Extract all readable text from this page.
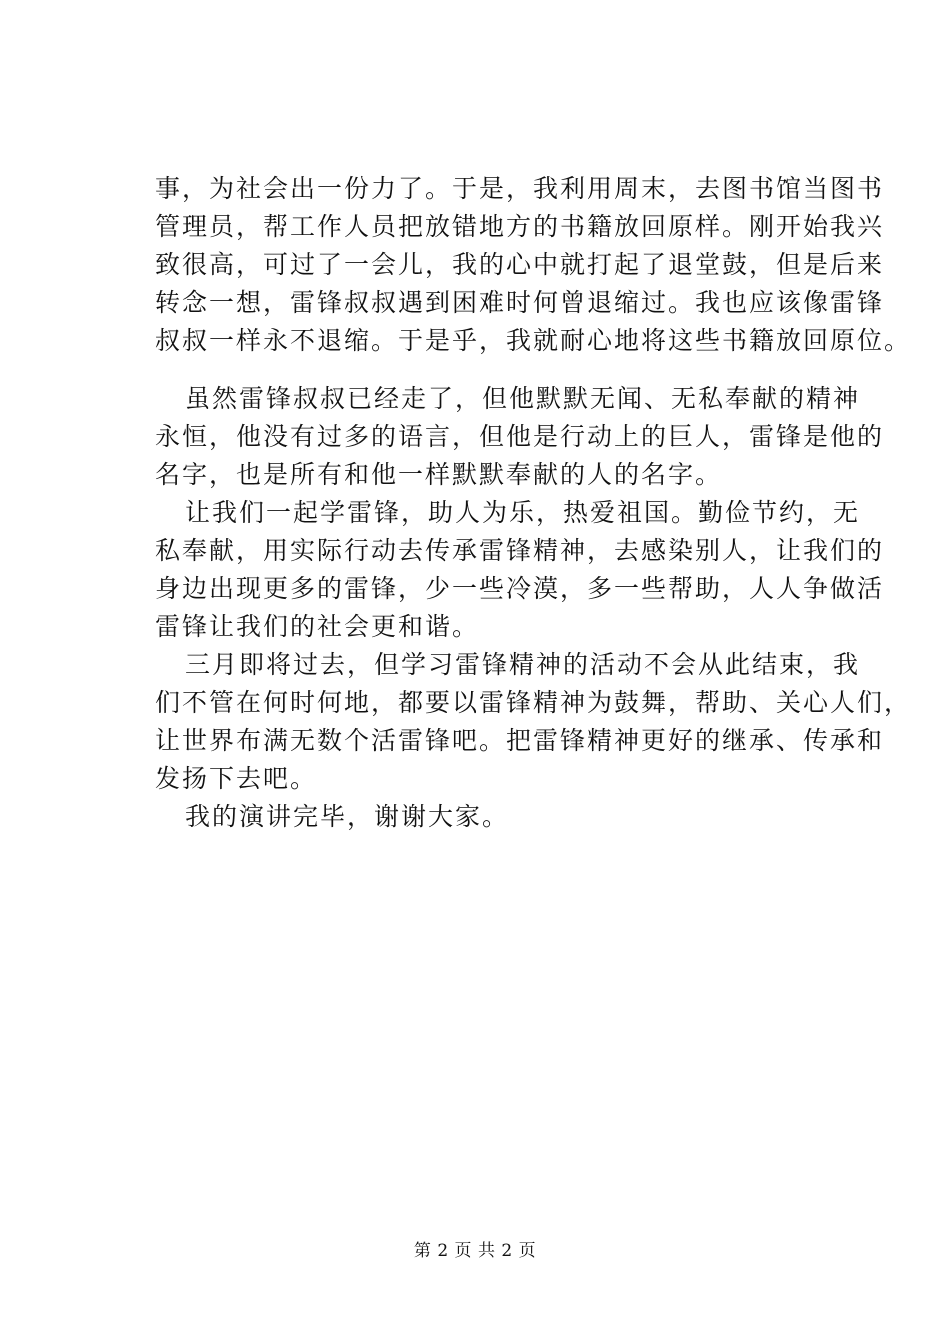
事，为社会出一份力了。于是，我利用周末，去图书馆当图书
管理员，帮工作人员把放错地方的书籍放回原样。刚开始我兴
致很高，可过了一会儿，我的心中就打起了退堂鼓，但是后来
转念一想，雷锋叔叔遇到困难时何曾退缩过。我也应该像雷锋
叔叔一样永不退缩。于是乎，我就耐心地将这些书籍放回原位。
虽然雷锋叔叔已经走了，但他默默无闻、无私奉献的精神
永恒，他没有过多的语言，但他是行动上的巨人，雷锋是他的
名字，也是所有和他一样默默奉献的人的名字。
让我们一起学雷锋，助人为乐，热爱祖国。勤俭节约，无
私奉献，用实际行动去传承雷锋精神，去感染别人，让我们的
身边出现更多的雷锋，少一些冷漠，多一些帮助，人人争做活
雷锋让我们的社会更和谐。
三月即将过去，但学习雷锋精神的活动不会从此结束，我
们不管在何时何地，都要以雷锋精神为鼓舞，帮助、关心人们，
让世界布满无数个活雷锋吧。把雷锋精神更好的继承、传承和
发扬下去吧。
我的演讲完毕，谢谢大家。
第 2 页 共 2 页
